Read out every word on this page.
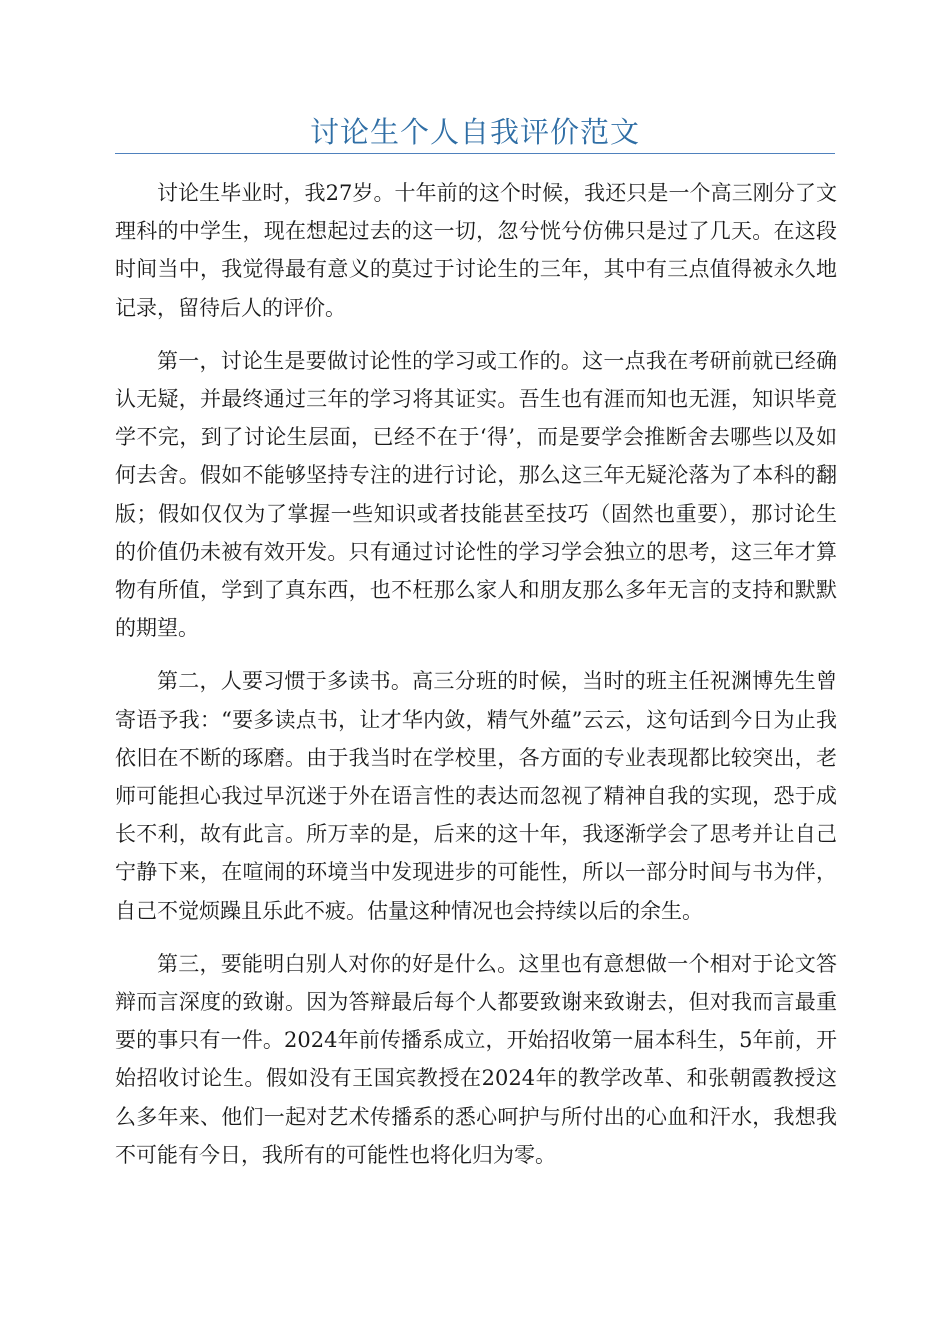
讨论生个人自我评价范文

讨论生毕业时，我27岁。十年前的这个时候，我还只是一个高三刚分了文理科的中学生，现在想起过去的这一切，忽兮恍兮仿佛只是过了几天。在这段时间当中，我觉得最有意义的莫过于讨论生的三年，其中有三点值得被永久地记录，留待后人的评价。

第一，讨论生是要做讨论性的学习或工作的。这一点我在考研前就已经确认无疑，并最终通过三年的学习将其证实。吾生也有涯而知也无涯，知识毕竟学不完，到了讨论生层面，已经不在于‘得’，而是要学会推断舍去哪些以及如何去舍。假如不能够坚持专注的进行讨论，那么这三年无疑沦落为了本科的翻版；假如仅仅为了掌握一些知识或者技能甚至技巧（固然也重要），那讨论生的价值仍未被有效开发。只有通过讨论性的学习学会独立的思考，这三年才算物有所值，学到了真东西，也不枉那么家人和朋友那么多年无言的支持和默默的期望。

第二，人要习惯于多读书。高三分班的时候，当时的班主任祝渊博先生曾寄语予我：“要多读点书，让才华内敛，精气外蕴”云云，这句话到今日为止我依旧在不断的琢磨。由于我当时在学校里，各方面的专业表现都比较突出，老师可能担心我过早沉迷于外在语言性的表达而忽视了精神自我的实现，恐于成长不利，故有此言。所万幸的是，后来的这十年，我逐渐学会了思考并让自己宁静下来，在喧闹的环境当中发现进步的可能性，所以一部分时间与书为伴，自己不觉烦躁且乐此不疲。估量这种情况也会持续以后的余生。

第三，要能明白别人对你的好是什么。这里也有意想做一个相对于论文答辩而言深度的致谢。因为答辩最后每个人都要致谢来致谢去，但对我而言最重要的事只有一件。2024年前传播系成立，开始招收第一届本科生，5年前，开始招收讨论生。假如没有王国宾教授在2024年的教学改革、和张朝霞教授这么多年来、他们一起对艺术传播系的悉心呵护与所付出的心血和汗水，我想我不可能有今日，我所有的可能性也将化归为零。
